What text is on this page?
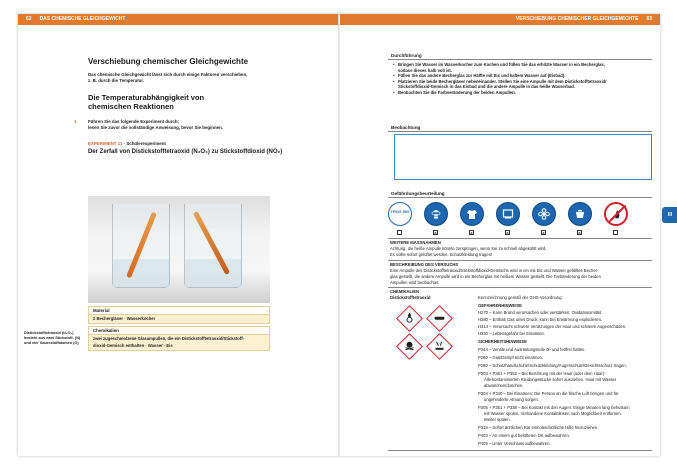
62 DAS CHEMISCHE GLEICHGEWICHT	VERSCHIEBUNG CHEMISCHER GLEICHGEWICHTE 63
Verschiebung chemischer Gleichgewichte
Das chemische Gleichgewicht lässt sich durch einige Faktoren verschieben,
z. B. durch die Temperatur.
Die Temperaturabhängigkeit von
chemischen Reaktionen
1	Führen Sie das folgende Experiment durch;
lesen Sie zuvor die vollständige Anweisung, bevor Sie beginnen.
EXPERIMENT 11 · Schülerexperiment
Der Zerfall von Distickstofftetraoxid (N₂O₄) zu Stickstoffdioxid (NO₂)
Material
2 Bechergläser · Wasserkocher
Chemikalien
zwei zugeschmolzene Glasampullen, die ein Distickstofftetraoxid/Stickstoff-
dioxid-Gemisch enthalten · Wasser · Eis
Distickstofftetraoxid (N₂O₄) besteht aus zwei Stickstoff- (N) und vier Sauerstoffatomen (O)
Durchführung
• Bringen Sie Wasser im Wasserkocher zum Kochen und füllen Sie das erhitzte Wasser in ein Becherglas,
sodass dieses halb voll ist.
• Füllen Sie das andere Becherglas zur Hälfte mit Eis und kaltem Wasser auf (Eisbad).
• Platzieren Sie beide Bechergläser nebeneinander. Stellen Sie eine Ampulle mit dem Distickstofftetraoxid/
Stickstoffdioxid-Gemisch in das Eisbad und die andere Ampulle in das heiße Wasserbad.
• Beobachten Sie die Farbveränderung der beiden Ampullen.
Beobachtung
Gefährdungsbeurteilung
TRGS 500
x	x	x	x	x
III
WEITERE MASSNAHMEN
Achtung, die heiße Ampulle könnte zerspringen, wenn Sie zu schnell abgekühlt wird.
Es sollte sofort gelüftet werden. Schutzkleidung tragen!
BESCHREIBUNG DES VERSUCHS
Eine Ampulle des Distickstofftetraoxid/Stickstoffdioxid-Gemischs wird in ein mit Eis und Wasser gefülltes Becher-
glas gestellt, die andere Ampulle wird in ein Becherglas mit heißem Wasser gestellt. Die Farbänderung der beiden
Ampullen wird beobachtet.
CHEMIKALIEN
Distickstofftetraoxid	Kennzeichnung gemäß der GHS-Verordnung:
GEFAHRENHINWEISE
H270 – Kann Brand verursachen oder verstärken; Oxidationsmittel.
H280 – Enthält Gas unter Druck; kann bei Erwärmung explodieren.
H314 – Verursacht schwere Verätzungen der Haut und schwere Augenschäden.
H330 – Lebensgefahr bei Einatmen.
SICHERHEITSHINWEISE
P244 – Ventile und Ausrüstungsteile öl- und fettfrei halten.
P260 – Gas/Dampf nicht einatmen.
P280 – Schutzhandschuhe/Schutzkleidung/Augenschutz/Gesichtsschutz tragen.
P303 + P361 + P353 – Bei Berührung mit der Haut (oder dem Haar):
Alle kontaminierten Kleidungsstücke sofort ausziehen. Haut mit Wasser
abwaschen/duschen.
P304 + P340 – Bei Einatmen: Die Person an die frische Luft bringen und für
ungehinderte Atmung sorgen.
P305 + P351 + P338 – Bei Kontakt mit den Augen: Einige Minuten lang behutsam
mit Wasser spülen. Vorhandene Kontaktlinsen nach Möglichkeit entfernen.
Weiter spülen.
P315 – Sofort ärztlichen Rat einholen/ärztliche Hilfe hinzuziehen.
P403 – An einem gut belüfteten Ort aufbewahren.
P405 – Unter Verschluss aufbewahren.
